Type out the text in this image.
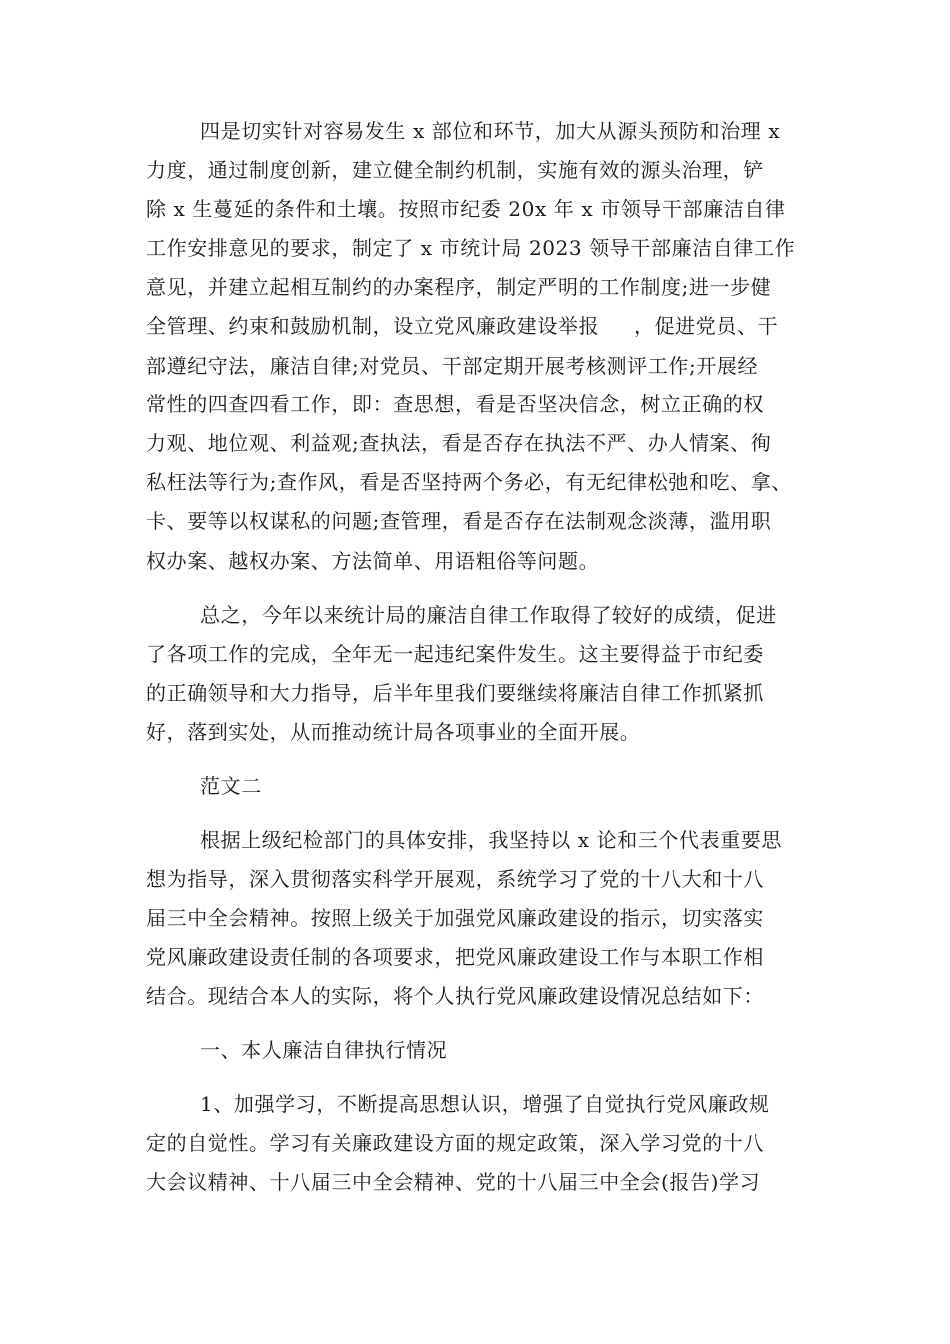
四是切实针对容易发生 x 部位和环节，加大从源头预防和治理 x
力度，通过制度创新，建立健全制约机制，实施有效的源头治理，铲
除 x 生蔓延的条件和土壤。按照市纪委 20x 年 x 市领导干部廉洁自律
工作安排意见的要求，制定了 x 市统计局 2023 领导干部廉洁自律工作
意见，并建立起相互制约的办案程序，制定严明的工作制度;进一步健
全管理、约束和鼓励机制，设立党风廉政建设举报     ，促进党员、干
部遵纪守法，廉洁自律;对党员、干部定期开展考核测评工作;开展经
常性的四查四看工作，即：查思想，看是否坚决信念，树立正确的权
力观、地位观、利益观;查执法，看是否存在执法不严、办人情案、徇
私枉法等行为;查作风，看是否坚持两个务必，有无纪律松弛和吃、拿、
卡、要等以权谋私的问题;查管理，看是否存在法制观念淡薄，滥用职
权办案、越权办案、方法简单、用语粗俗等问题。
总之，今年以来统计局的廉洁自律工作取得了较好的成绩，促进
了各项工作的完成，全年无一起违纪案件发生。这主要得益于市纪委
的正确领导和大力指导，后半年里我们要继续将廉洁自律工作抓紧抓
好，落到实处，从而推动统计局各项事业的全面开展。
范文二
根据上级纪检部门的具体安排，我坚持以 x 论和三个代表重要思
想为指导，深入贯彻落实科学开展观，系统学习了党的十八大和十八
届三中全会精神。按照上级关于加强党风廉政建设的指示，切实落实
党风廉政建设责任制的各项要求，把党风廉政建设工作与本职工作相
结合。现结合本人的实际，将个人执行党风廉政建设情况总结如下：
一、本人廉洁自律执行情况
1、加强学习，不断提高思想认识，增强了自觉执行党风廉政规
定的自觉性。学习有关廉政建设方面的规定政策，深入学习党的十八
大会议精神、十八届三中全会精神、党的十八届三中全会(报告)学习
